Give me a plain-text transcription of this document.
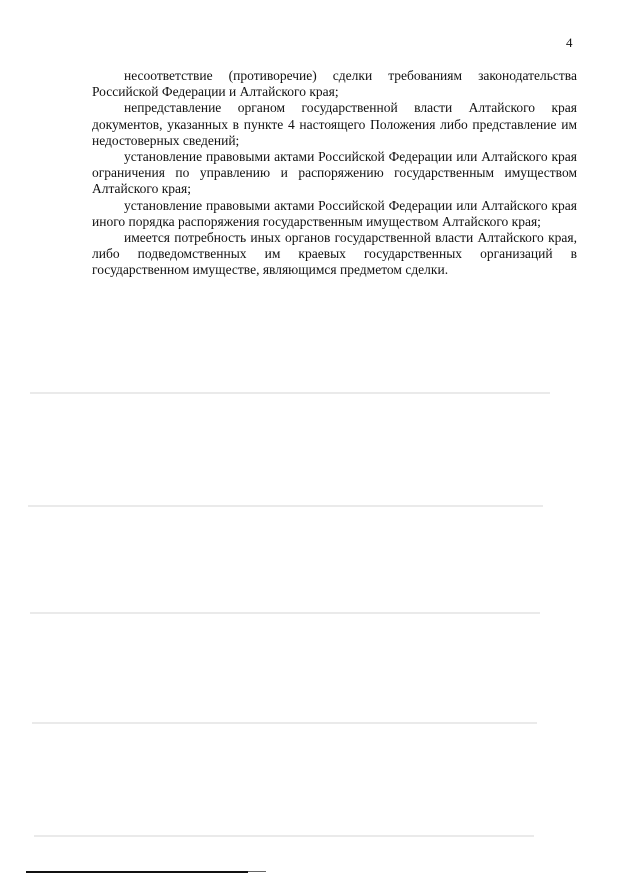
4

несоответствие (противоречие) сделки требованиям законодательства Российской Федерации и Алтайского края;

непредставление органом государственной власти Алтайского края документов, указанных в пункте 4 настоящего Положения либо представление им недостоверных сведений;

установление правовыми актами Российской Федерации или Алтайского края ограничения по управлению и распоряжению государственным имуществом Алтайского края;

установление правовыми актами Российской Федерации или Алтайского края иного порядка распоряжения государственным имуществом Алтайского края;

имеется потребность иных органов государственной власти Алтайского края, либо подведомственных им краевых государственных организаций в государственном имуществе, являющимся предметом сделки.
